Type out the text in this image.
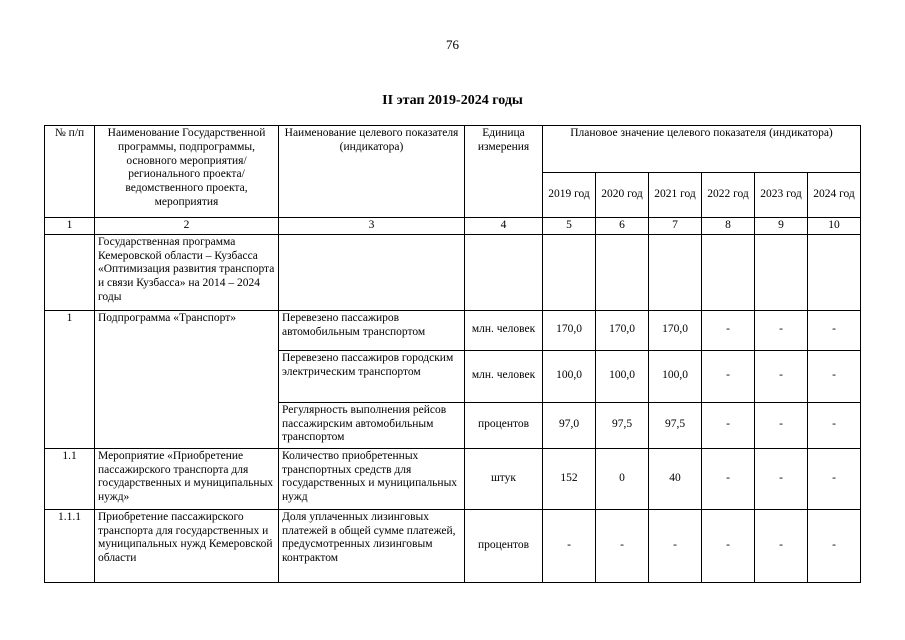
76
II этап 2019-2024 годы
№ п/п	Наименование Государственной программы, подпрограммы, основного мероприятия/регионального проекта/ведомственного проекта, мероприятия	Наименование целевого показателя (индикатора)	Единица измерения	Плановое значение целевого показателя (индикатора)					
				2019 год	2020 год	2021 год	2022 год	2023 год	2024 год
1	2	3	4	5	6	7	8	9	10
	Государственная программа Кемеровской области – Кузбасса «Оптимизация развития транспорта и связи Кузбасса» на 2014 – 2024 годы								
1	Подпрограмма «Транспорт»	Перевезено пассажиров автомобильным транспортом	млн. человек	170,0	170,0	170,0	-	-	-
		Перевезено пассажиров городским электрическим транспортом	млн. человек	100,0	100,0	100,0	-	-	-
		Регулярность выполнения рейсов пассажирским автомобильным транспортом	процентов	97,0	97,5	97,5	-	-	-
1.1	Мероприятие «Приобретение пассажирского транспорта для государственных и муниципальных нужд»	Количество приобретенных транспортных средств для государственных и муниципальных нужд	штук	152	0	40	-	-	-
1.1.1	Приобретение пассажирского транспорта для государственных и муниципальных нужд Кемеровской области	Доля уплаченных лизинговых платежей в общей сумме платежей, предусмотренных лизинговым контрактом	процентов	-	-	-	-	-	-
